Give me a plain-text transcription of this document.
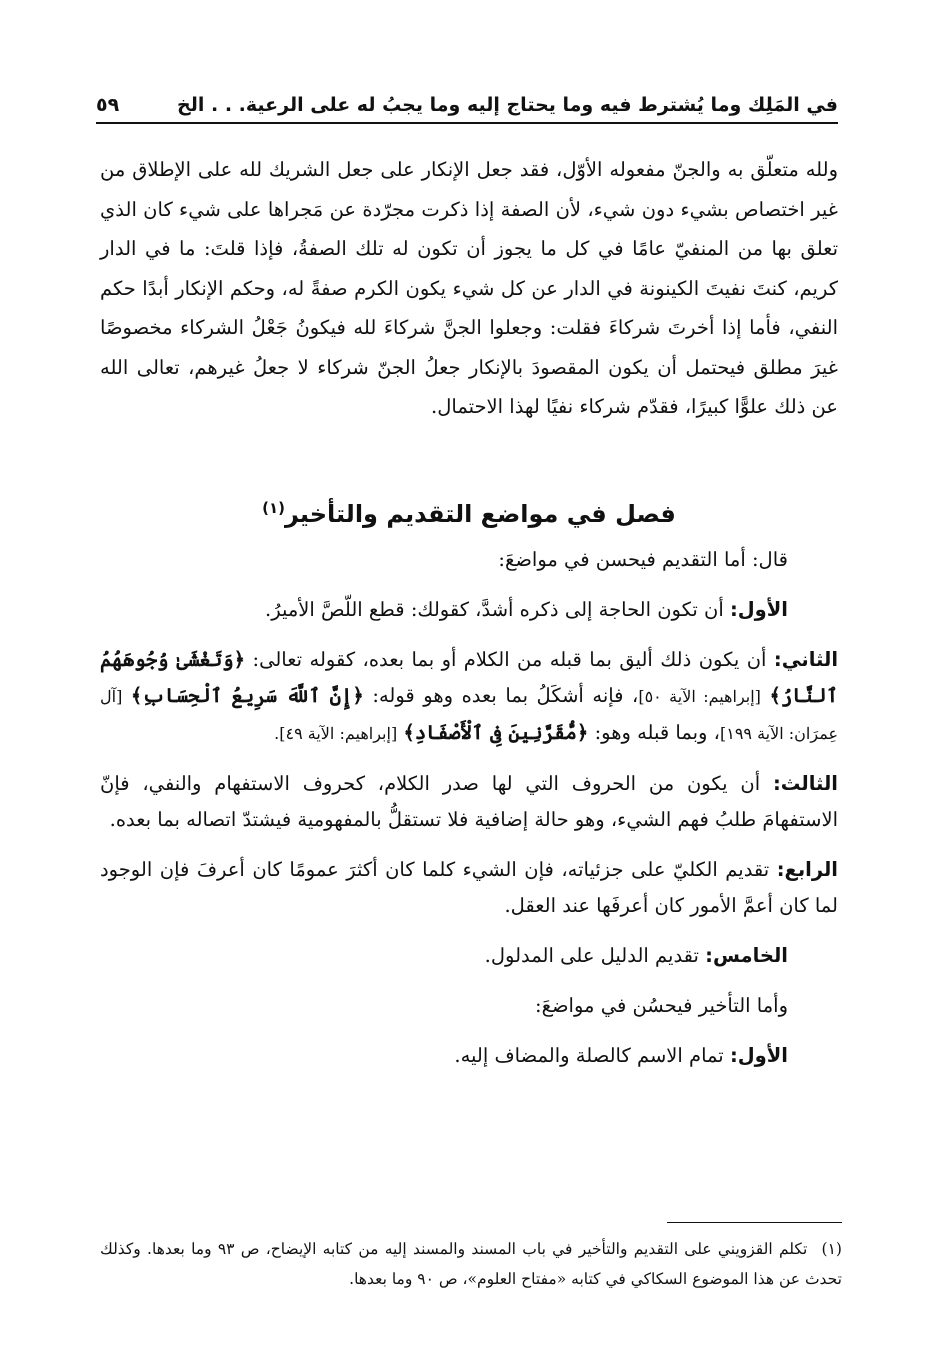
في المَلِك وما يُشترط فيه وما يحتاج إليه وما يجبُ له على الرعية. . . الخ
٥٩

ولله متعلّق به والجنّ مفعوله الأوّل، فقد جعل الإنكار على جعل الشريك لله على الإطلاق من غير اختصاص بشيء دون شيء، لأن الصفة إذا ذكرت مجرّدة عن مَجراها على شيء كان الذي تعلق بها من المنفيّ عامًا في كل ما يجوز أن تكون له تلك الصفةُ، فإذا قلتَ: ما في الدار كريم، كنتَ نفيتَ الكينونة في الدار عن كل شيء يكون الكرم صفةً له، وحكم الإنكار أبدًا حكم النفي، فأما إذا أخرتَ شركاءَ فقلت: وجعلوا الجنَّ شركاءَ لله فيكونُ جَعْلُ الشركاء مخصوصًا غيرَ مطلق فيحتمل أن يكون المقصودَ بالإنكار جعلُ الجنّ شركاء لا جعلُ غيرهم، تعالى الله عن ذلك علوًّا كبيرًا، فقدّم شركاء نفيًا لهذا الاحتمال.

فصل في مواضع التقديم والتأخير$^{(١)}$

قال: أما التقديم فيحسن في مواضعَ:

الأول: أن تكون الحاجة إلى ذكره أشدَّ، كقولك: قطع اللّصَّ الأميرُ.

الثاني: أن يكون ذلك أليق بما قبله من الكلام أو بما بعده، كقوله تعالى: ﴿وَتَغْشَىٰ وُجُوهَهُمُ ٱلنَّارُ﴾ [إبراهيم: الآية ٥٠]، فإنه أشكَلُ بما بعده وهو قوله: ﴿إِنَّ ٱللَّهَ سَرِيعُ ٱلْحِسَابِ﴾ [آل عِمرَان: الآية ١٩٩]، وبما قبله وهو: ﴿مُّقَرَّنِينَ فِى ٱلْأَصْفَادِ﴾ [إبراهيم: الآية ٤٩].

الثالث: أن يكون من الحروف التي لها صدر الكلام، كحروف الاستفهام والنفي، فإنّ الاستفهامَ طلبُ فهم الشيء، وهو حالة إضافية فلا تستقلُّ بالمفهومية فيشتدّ اتصاله بما بعده.

الرابع: تقديم الكليّ على جزئياته، فإن الشيء كلما كان أكثرَ عمومًا كان أعرفَ فإن الوجود لما كان أعمَّ الأمور كان أعرفَها عند العقل.

الخامس: تقديم الدليل على المدلول.

وأما التأخير فيحسُن في مواضعَ:

الأول: تمام الاسم كالصلة والمضاف إليه.

(١) تكلم القزويني على التقديم والتأخير في باب المسند والمسند إليه من كتابه الإيضاح، ص ٩٣ وما بعدها. وكذلك تحدث عن هذا الموضوع السكاكي في كتابه «مفتاح العلوم»، ص ٩٠ وما بعدها.
